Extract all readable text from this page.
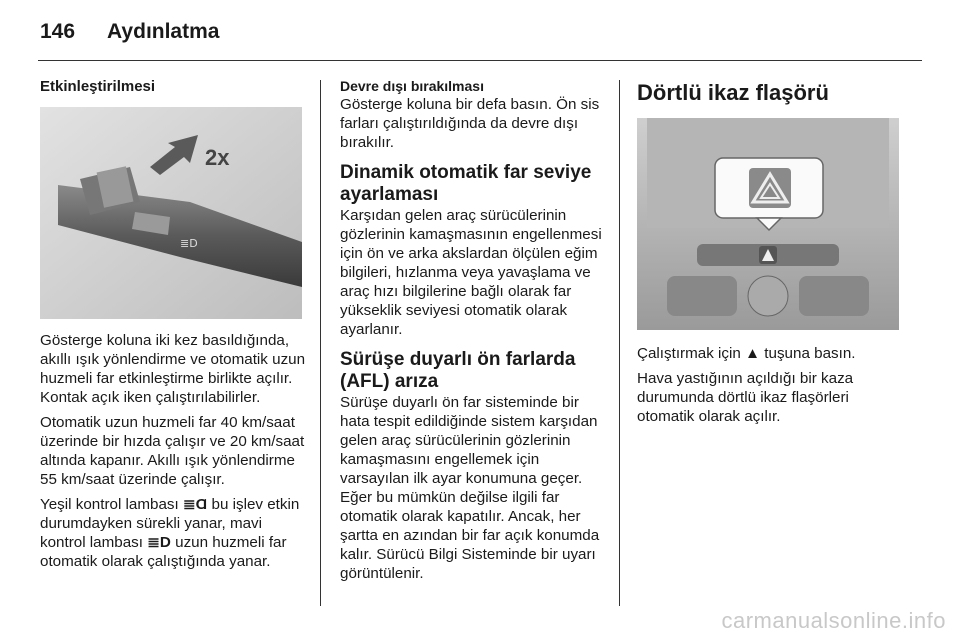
146 Aydınlatma
Etkinleştirilmesi
≣D
2x

Gösterge koluna iki kez basıldığında, akıllı ışık yönlendirme ve otomatik uzun huzmeli far etkinleştirme birlikte açılır. Kontak açık iken çalıştırılabilirler.

Otomatik uzun huzmeli far 40 km/saat üzerinde bir hızda çalışır ve 20 km/saat altında kapanır. Akıllı ışık yönlendirme 55 km/saat üzerinde çalışır.

Yeşil kontrol lambası ≣Ɑ bu işlev etkin durumdayken sürekli yanar, mavi kontrol lambası ≣D uzun huzmeli far otomatik olarak çalıştığında yanar.

Devre dışı bırakılması

Gösterge koluna bir defa basın. Ön sis farları çalıştırıldığında da devre dışı bırakılır.

Dinamik otomatik far seviye ayarlaması

Karşıdan gelen araç sürücülerinin gözlerinin kamaşmasının engellenmesi için ön ve arka akslardan ölçülen eğim bilgileri, hızlanma veya yavaşlama ve araç hızı bilgilerine bağlı olarak far yükseklik seviyesi otomatik olarak ayarlanır.

Sürüşe duyarlı ön farlarda (AFL) arıza

Sürüşe duyarlı ön far sisteminde bir hata tespit edildiğinde sistem karşıdan gelen araç sürücülerinin gözlerinin kamaşmasını engellemek için varsayılan ilk ayar konumuna geçer. Eğer bu mümkün değilse ilgili far otomatik olarak kapatılır. Ancak, her şartta en azından bir far açık konumda kalır. Sürücü Bilgi Sisteminde bir uyarı görüntülenir.

Dörtlü ikaz flaşörü

Çalıştırmak için ▲ tuşuna basın.

Hava yastığının açıldığı bir kaza durumunda dörtlü ikaz flaşörleri otomatik olarak açılır.

carmanualsonline.info
